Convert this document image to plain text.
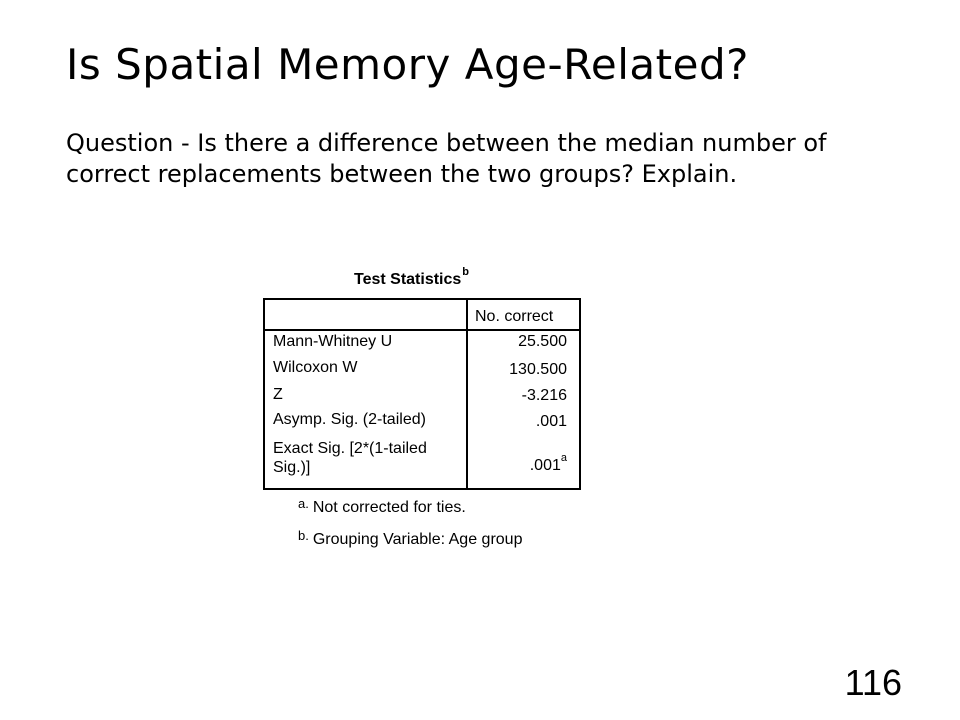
Is Spatial Memory Age-Related?

Question - Is there a difference between the median number of correct replacements between the two groups? Explain.

Test Statistics$^b$
No. correct
Mann-Whitney U	25.500
Wilcoxon W	130.500
Z	-3.216
Asymp. Sig. (2-tailed)	.001
Exact Sig. [2*(1-tailed Sig.)]	.001$^a$
$^{a.}$ Not corrected for ties.
$^{b.}$ Grouping Variable: Age group
116
